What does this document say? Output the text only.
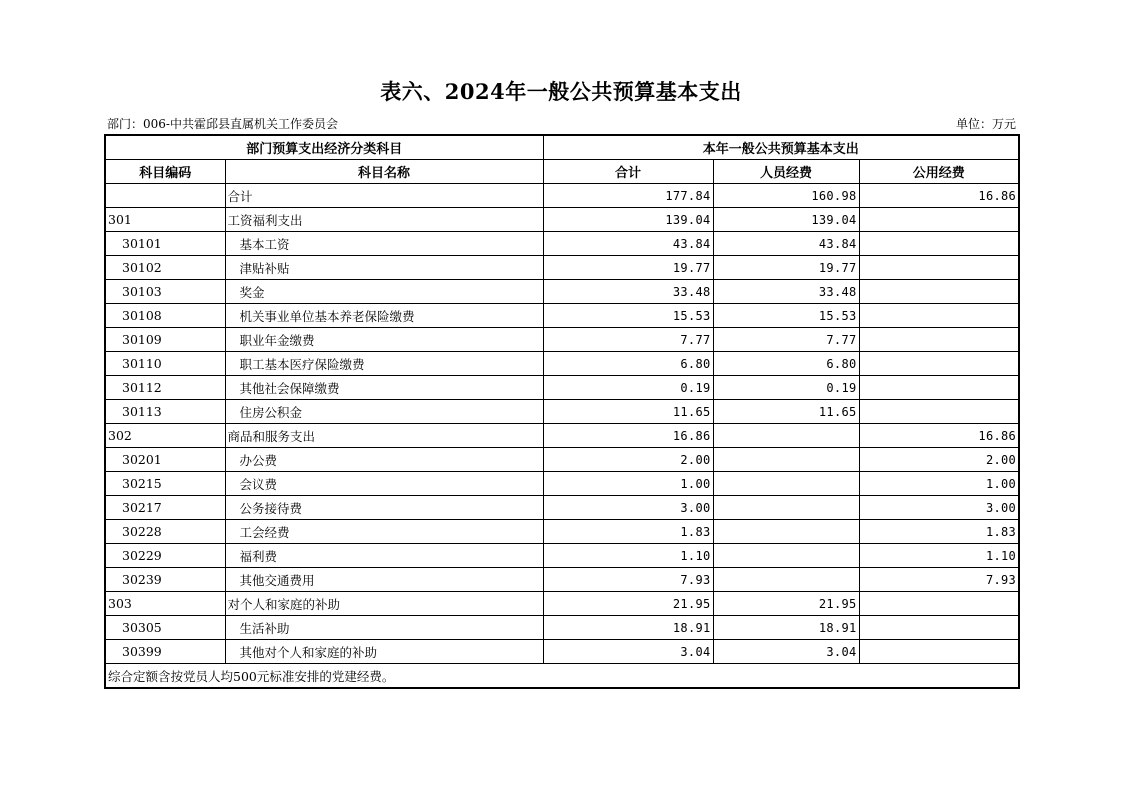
表六、2024年一般公共预算基本支出
部门：006-中共霍邱县直属机关工作委员会	单位：万元
部门预算支出经济分类科目		本年一般公共预算基本支出		
科目编码	科目名称	合计	人员经费	公用经费
	合计	177.84	160.98	16.86
301	工资福利支出	139.04	139.04	
30101	基本工资	43.84	43.84	
30102	津贴补贴	19.77	19.77	
30103	奖金	33.48	33.48	
30108	机关事业单位基本养老保险缴费	15.53	15.53	
30109	职业年金缴费	7.77	7.77	
30110	职工基本医疗保险缴费	6.80	6.80	
30112	其他社会保障缴费	0.19	0.19	
30113	住房公积金	11.65	11.65	
302	商品和服务支出	16.86		16.86
30201	办公费	2.00		2.00
30215	会议费	1.00		1.00
30217	公务接待费	3.00		3.00
30228	工会经费	1.83		1.83
30229	福利费	1.10		1.10
30239	其他交通费用	7.93		7.93
303	对个人和家庭的补助	21.95	21.95	
30305	生活补助	18.91	18.91	
30399	其他对个人和家庭的补助	3.04	3.04	
综合定额含按党员人均500元标准安排的党建经费。				
